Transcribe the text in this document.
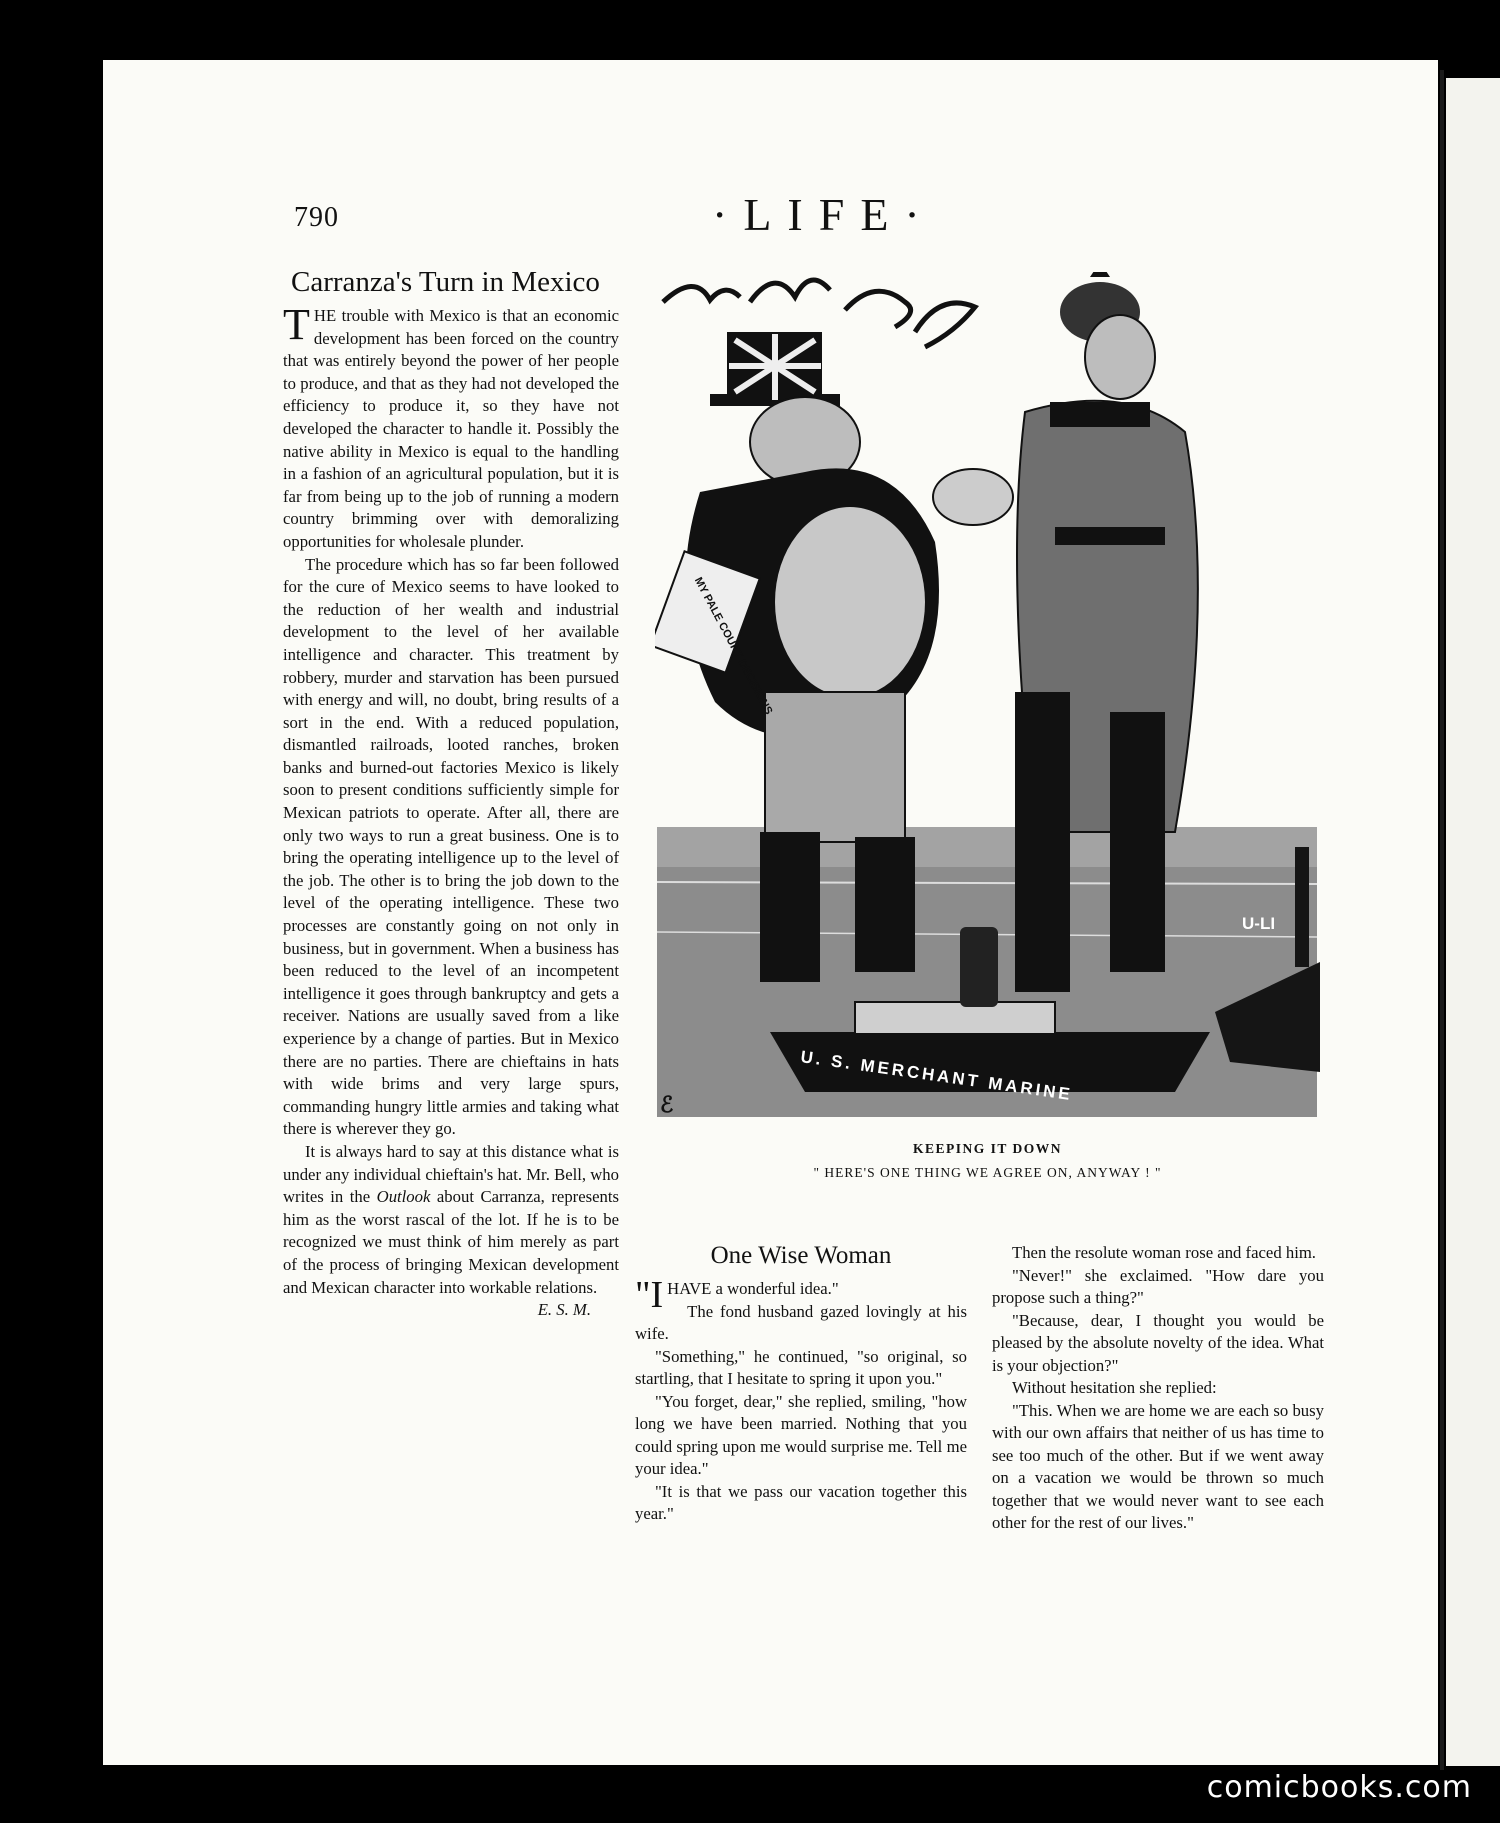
790	·LIFE·
Carranza's Turn in Mexico

THE trouble with Mexico is that an economic development has been forced on the country that was entirely beyond the power of her people to produce, and that as they had not developed the efficiency to produce it, so they have not developed the character to handle it. Possibly the native ability in Mexico is equal to the handling in a fashion of an agricultural population, but it is far from being up to the job of running a modern country brimming over with demoralizing opportunities for wholesale plunder.

The procedure which has so far been followed for the cure of Mexico seems to have looked to the reduction of her wealth and industrial development to the level of her available intelligence and character. This treatment by robbery, murder and starvation has been pursued with energy and will, no doubt, bring results of a sort in the end. With a reduced population, dismantled railroads, looted ranches, broken banks and burned-out factories Mexico is likely soon to present conditions sufficiently simple for Mexican patriots to operate. After all, there are only two ways to run a great business. One is to bring the operating intelligence up to the level of the job. The other is to bring the job down to the level of the operating intelligence. These two processes are constantly going on not only in business, but in government. When a business has been reduced to the level of an incompetent intelligence it goes through bankruptcy and gets a receiver. Nations are usually saved from a like experience by a change of parties. But in Mexico there are no parties. There are chieftains in hats with wide brims and very large spurs, commanding hungry little armies and taking what there is wherever they go.

It is always hard to say at this distance what is under any individual chieftain's hat. Mr. Bell, who writes in the Outlook about Carranza, represents him as the worst rascal of the lot. If he is to be recognized we must think of him merely as part of the process of bringing Mexican development and Mexican character into workable relations.
E. S. M.

U-LI
U. S. MERCHANT MARINE
MY PALE COURT DECISIONS
ℰ
KEEPING IT DOWN
" HERE'S ONE THING WE AGREE ON, ANYWAY ! "
One Wise Woman

"IHAVE a wonderful idea."

The fond husband gazed lovingly at his wife.

"Something," he continued, "so original, so startling, that I hesitate to spring it upon you."

"You forget, dear," she replied, smiling, "how long we have been married. Nothing that you could spring upon me would surprise me. Tell me your idea."

"It is that we pass our vacation together this year."

Then the resolute woman rose and faced him.

"Never!" she exclaimed. "How dare you propose such a thing?"

"Because, dear, I thought you would be pleased by the absolute novelty of the idea. What is your objection?"

Without hesitation she replied:

"This. When we are home we are each so busy with our own affairs that neither of us has time to see too much of the other. But if we went away on a vacation we would be thrown so much together that we would never want to see each other for the rest of our lives."

comicbooks.com
